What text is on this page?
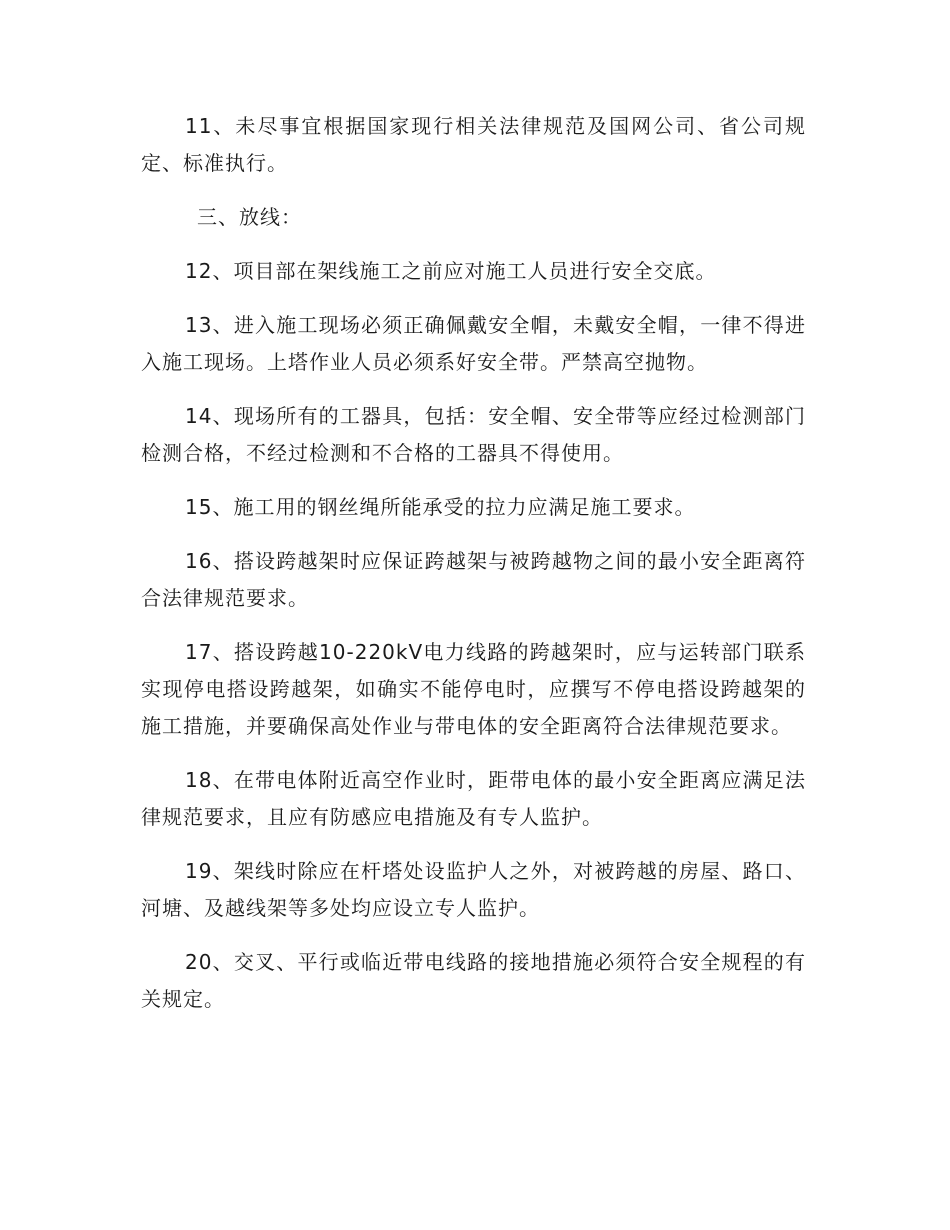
11、未尽事宜根据国家现行相关法律规范及国网公司、省公司规定、标准执行。

三、放线：

12、项目部在架线施工之前应对施工人员进行安全交底。

13、进入施工现场必须正确佩戴安全帽，未戴安全帽，一律不得进入施工现场。上塔作业人员必须系好安全带。严禁高空抛物。

14、现场所有的工器具，包括：安全帽、安全带等应经过检测部门检测合格，不经过检测和不合格的工器具不得使用。

15、施工用的钢丝绳所能承受的拉力应满足施工要求。

16、搭设跨越架时应保证跨越架与被跨越物之间的最小安全距离符合法律规范要求。

17、搭设跨越10-220kV电力线路的跨越架时，应与运转部门联系实现停电搭设跨越架，如确实不能停电时，应撰写不停电搭设跨越架的施工措施，并要确保高处作业与带电体的安全距离符合法律规范要求。

18、在带电体附近高空作业时，距带电体的最小安全距离应满足法律规范要求，且应有防感应电措施及有专人监护。

19、架线时除应在杆塔处设监护人之外，对被跨越的房屋、路口、河塘、及越线架等多处均应设立专人监护。

20、交叉、平行或临近带电线路的接地措施必须符合安全规程的有关规定。
